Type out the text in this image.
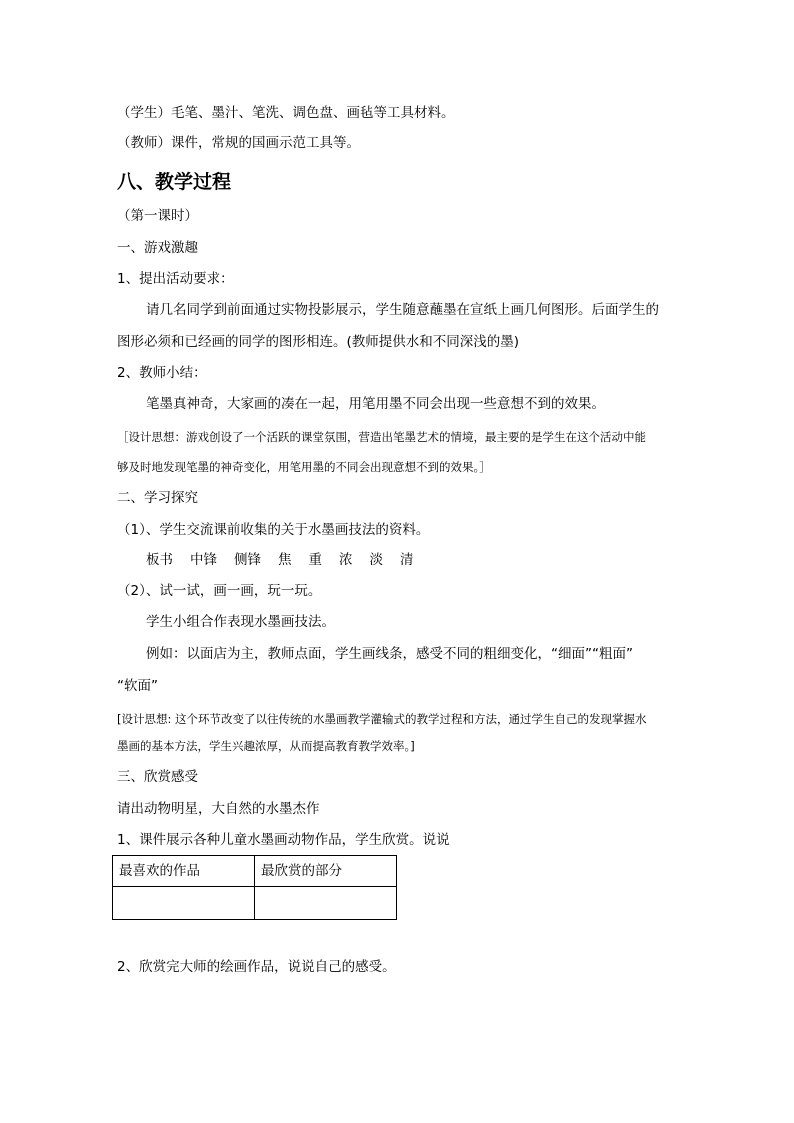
（学生）毛笔、墨汁、笔洗、调色盘、画毡等工具材料。
（教师）课件，常规的国画示范工具等。
八、教学过程
（第一课时）
一、游戏激趣
1、提出活动要求：
请几名同学到前面通过实物投影展示，学生随意蘸墨在宣纸上画几何图形。后面学生的
图形必须和已经画的同学的图形相连。(教师提供水和不同深浅的墨)
2、教师小结：
笔墨真神奇，大家画的凑在一起，用笔用墨不同会出现一些意想不到的效果。
［设计思想：游戏创设了一个活跃的课堂氛围，营造出笔墨艺术的情境，最主要的是学生在这个活动中能
够及时地发现笔墨的神奇变化，用笔用墨的不同会出现意想不到的效果。］
二、学习探究
（1）、学生交流课前收集的关于水墨画技法的资料。
板书 中锋 侧锋 焦 重 浓 淡 清
（2）、试一试，画一画，玩一玩。
学生小组合作表现水墨画技法。
例如：以面店为主，教师点面，学生画线条，感受不同的粗细变化，“细面”“粗面”
“软面”
[设计思想: 这个环节改变了以往传统的水墨画教学灌输式的教学过程和方法，通过学生自己的发现掌握水
墨画的基本方法，学生兴趣浓厚，从而提高教育教学效率。]
三、欣赏感受
请出动物明星，大自然的水墨杰作
1、课件展示各种儿童水墨画动物作品，学生欣赏。说说
最喜欢的作品	最欣赏的部分

2、欣赏完大师的绘画作品，说说自己的感受。
